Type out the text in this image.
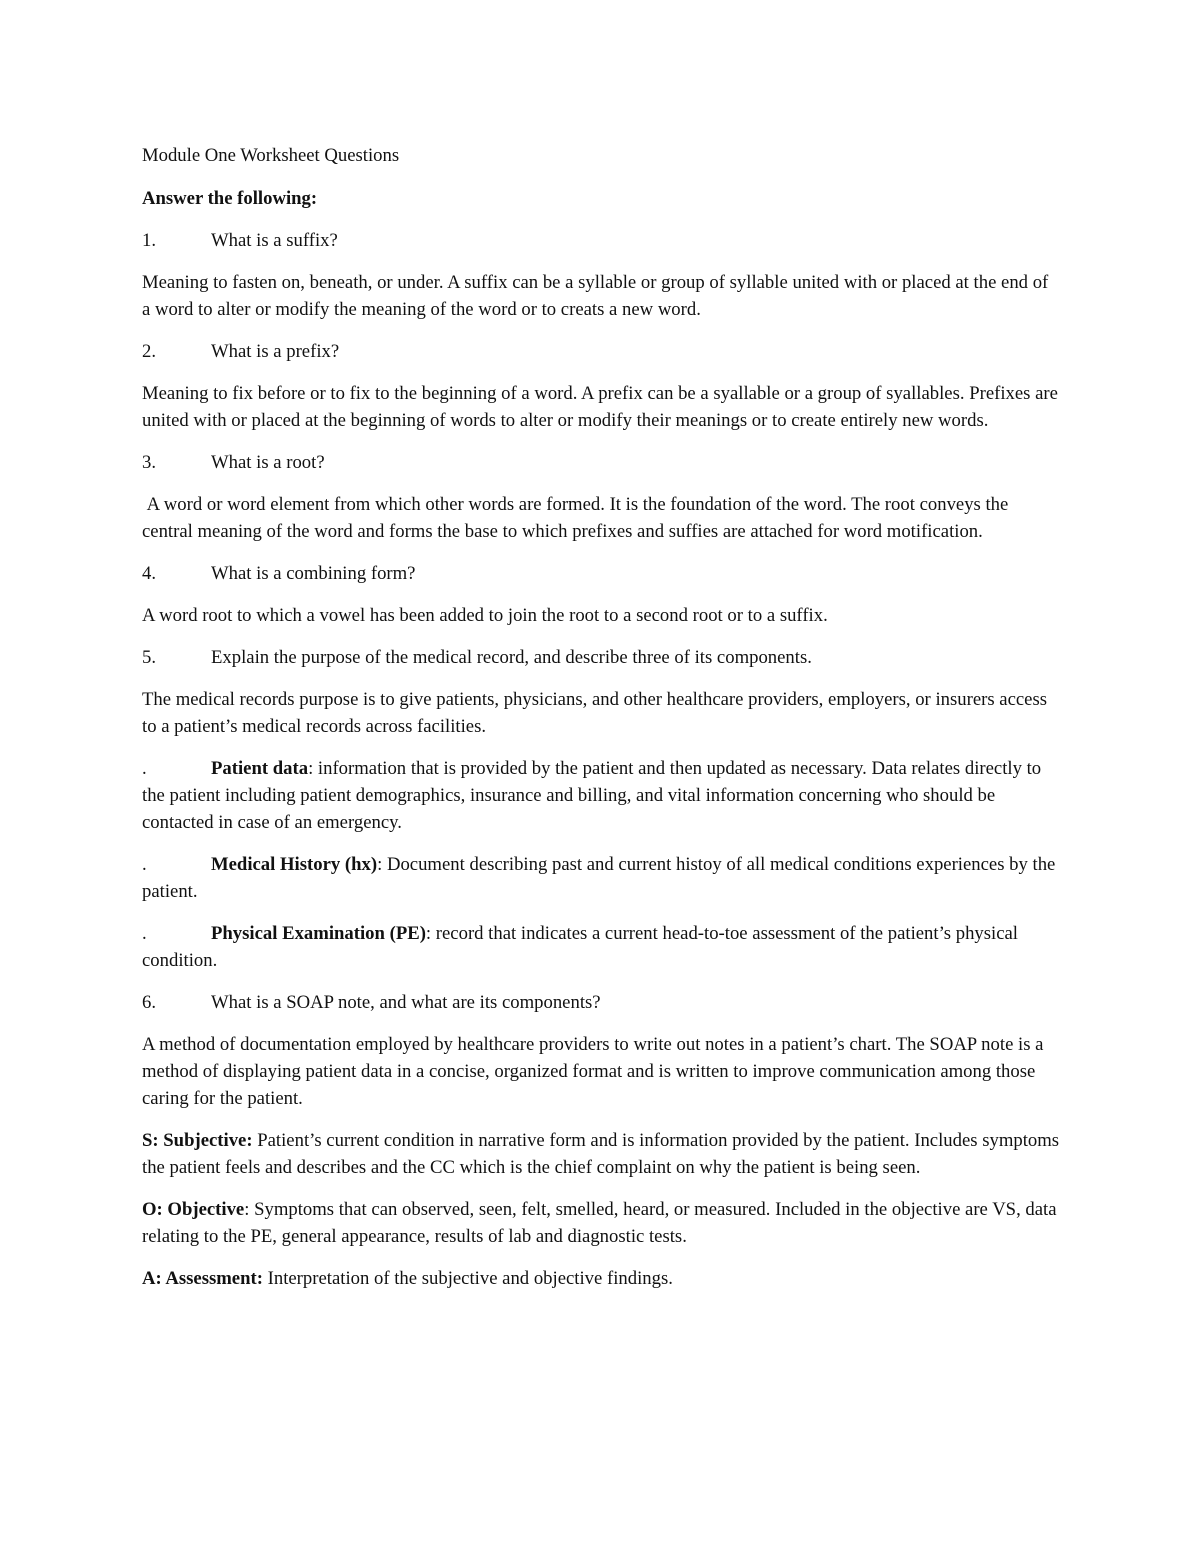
Module One Worksheet Questions

Answer the following:

1.	What is a suffix?

Meaning to fasten on, beneath, or under. A suffix can be a syllable or group of syllable united with or placed at the end of a word to alter or modify the meaning of the word or to creats a new word.

2.	What is a prefix?

Meaning to fix before or to fix to the beginning of a word. A prefix can be a syallable or a group of syallables. Prefixes are united with or placed at the beginning of words to alter or modify their meanings or to create entirely new words.

3.	What is a root?

A word or word element from which other words are formed. It is the foundation of the word. The root conveys the central meaning of the word and forms the base to which prefixes and suffies are attached for word motification.

4.	What is a combining form?

A word root to which a vowel has been added to join the root to a second root or to a suffix.

5.	Explain the purpose of the medical record, and describe three of its components.

The medical records purpose is to give patients, physicians, and other healthcare providers, employers, or insurers access to a patient’s medical records across facilities.

.	Patient data: information that is provided by the patient and then updated as necessary. Data relates directly to the patient including patient demographics, insurance and billing, and vital information concerning who should be contacted in case of an emergency.

.	Medical History (hx): Document describing past and current histoy of all medical conditions experiences by the patient.

.	Physical Examination (PE): record that indicates a current head-to-toe assessment of the patient’s physical condition.

6.	What is a SOAP note, and what are its components?

A method of documentation employed by healthcare providers to write out notes in a patient’s chart. The SOAP note is a method of displaying patient data in a concise, organized format and is written to improve communication among those caring for the patient.

S: Subjective: Patient’s current condition in narrative form and is information provided by the patient. Includes symptoms the patient feels and describes and the CC which is the chief complaint on why the patient is being seen.

O: Objective: Symptoms that can observed, seen, felt, smelled, heard, or measured. Included in the objective are VS, data relating to the PE, general appearance, results of lab and diagnostic tests.

A: Assessment: Interpretation of the subjective and objective findings.
